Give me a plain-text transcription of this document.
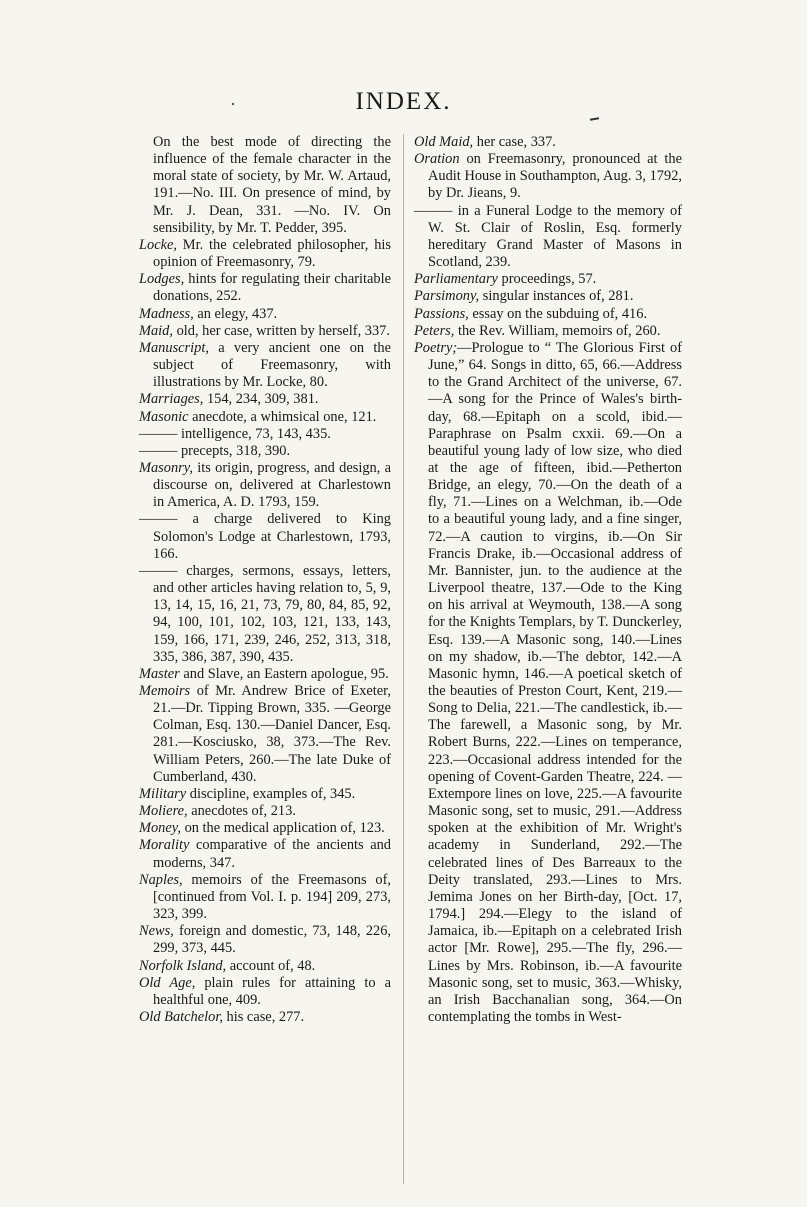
INDEX.

On the best mode of directing the influence of the female character in the moral state of society, by Mr. W. Artaud, 191.—No. III. On presence of mind, by Mr. J. Dean, 331. —No. IV. On sensibility, by Mr. T. Pedder, 395.

Locke, Mr. the celebrated philosopher, his opinion of Freemasonry, 79.

Lodges, hints for regulating their charitable donations, 252.

Madness, an elegy, 437.

Maid, old, her case, written by herself, 337.

Manuscript, a very ancient one on the subject of Freemasonry, with illustrations by Mr. Locke, 80.

Marriages, 154, 234, 309, 381.

Masonic anecdote, a whimsical one, 121.

——— intelligence, 73, 143, 435.

——— precepts, 318, 390.

Masonry, its origin, progress, and design, a discourse on, delivered at Charlestown in America, A. D. 1793, 159.

——— a charge delivered to King Solomon's Lodge at Charlestown, 1793, 166.

——— charges, sermons, essays, letters, and other articles having relation to, 5, 9, 13, 14, 15, 16, 21, 73, 79, 80, 84, 85, 92, 94, 100, 101, 102, 103, 121, 133, 143, 159, 166, 171, 239, 246, 252, 313, 318, 335, 386, 387, 390, 435.

Master and Slave, an Eastern apologue, 95.

Memoirs of Mr. Andrew Brice of Exeter, 21.—Dr. Tipping Brown, 335. —George Colman, Esq. 130.—Daniel Dancer, Esq. 281.—Kosciusko, 38, 373.—The Rev. William Peters, 260.—The late Duke of Cumberland, 430.

Military discipline, examples of, 345.

Moliere, anecdotes of, 213.

Money, on the medical application of, 123.

Morality comparative of the ancients and moderns, 347.

Naples, memoirs of the Freemasons of, [continued from Vol. I. p. 194] 209, 273, 323, 399.

News, foreign and domestic, 73, 148, 226, 299, 373, 445.

Norfolk Island, account of, 48.

Old Age, plain rules for attaining to a healthful one, 409.

Old Batchelor, his case, 277.

Old Maid, her case, 337.

Oration on Freemasonry, pronounced at the Audit House in Southampton, Aug. 3, 1792, by Dr. Jieans, 9.

——— in a Funeral Lodge to the memory of W. St. Clair of Roslin, Esq. formerly hereditary Grand Master of Masons in Scotland, 239.

Parliamentary proceedings, 57.

Parsimony, singular instances of, 281.

Passions, essay on the subduing of, 416.

Peters, the Rev. William, memoirs of, 260.

Poetry;—Prologue to “ The Glorious First of June,” 64. Songs in ditto, 65, 66.—Address to the Grand Architect of the universe, 67.—A song for the Prince of Wales's birth-day, 68.—Epitaph on a scold, ibid.—Paraphrase on Psalm cxxii. 69.—On a beautiful young lady of low size, who died at the age of fifteen, ibid.—Petherton Bridge, an elegy, 70.—On the death of a fly, 71.—Lines on a Welchman, ib.—Ode to a beautiful young lady, and a fine singer, 72.—A caution to virgins, ib.—On Sir Francis Drake, ib.—Occasional address of Mr. Bannister, jun. to the audience at the Liverpool theatre, 137.—Ode to the King on his arrival at Weymouth, 138.—A song for the Knights Templars, by T. Dunckerley, Esq. 139.—A Masonic song, 140.—Lines on my shadow, ib.—The debtor, 142.—A Masonic hymn, 146.—A poetical sketch of the beauties of Preston Court, Kent, 219.—Song to Delia, 221.—The candlestick, ib.—The farewell, a Masonic song, by Mr. Robert Burns, 222.—Lines on temperance, 223.—Occasional address intended for the opening of Covent-Garden Theatre, 224. —Extempore lines on love, 225.—A favourite Masonic song, set to music, 291.—Address spoken at the exhibition of Mr. Wright's academy in Sunderland, 292.—The celebrated lines of Des Barreaux to the Deity translated, 293.—Lines to Mrs. Jemima Jones on her Birth-day, [Oct. 17, 1794.] 294.—Elegy to the island of Jamaica, ib.—Epitaph on a celebrated Irish actor [Mr. Rowe], 295.—The fly, 296.—Lines by Mrs. Robinson, ib.—A favourite Masonic song, set to music, 363.—Whisky, an Irish Bacchanalian song, 364.—On contemplating the tombs in West-
